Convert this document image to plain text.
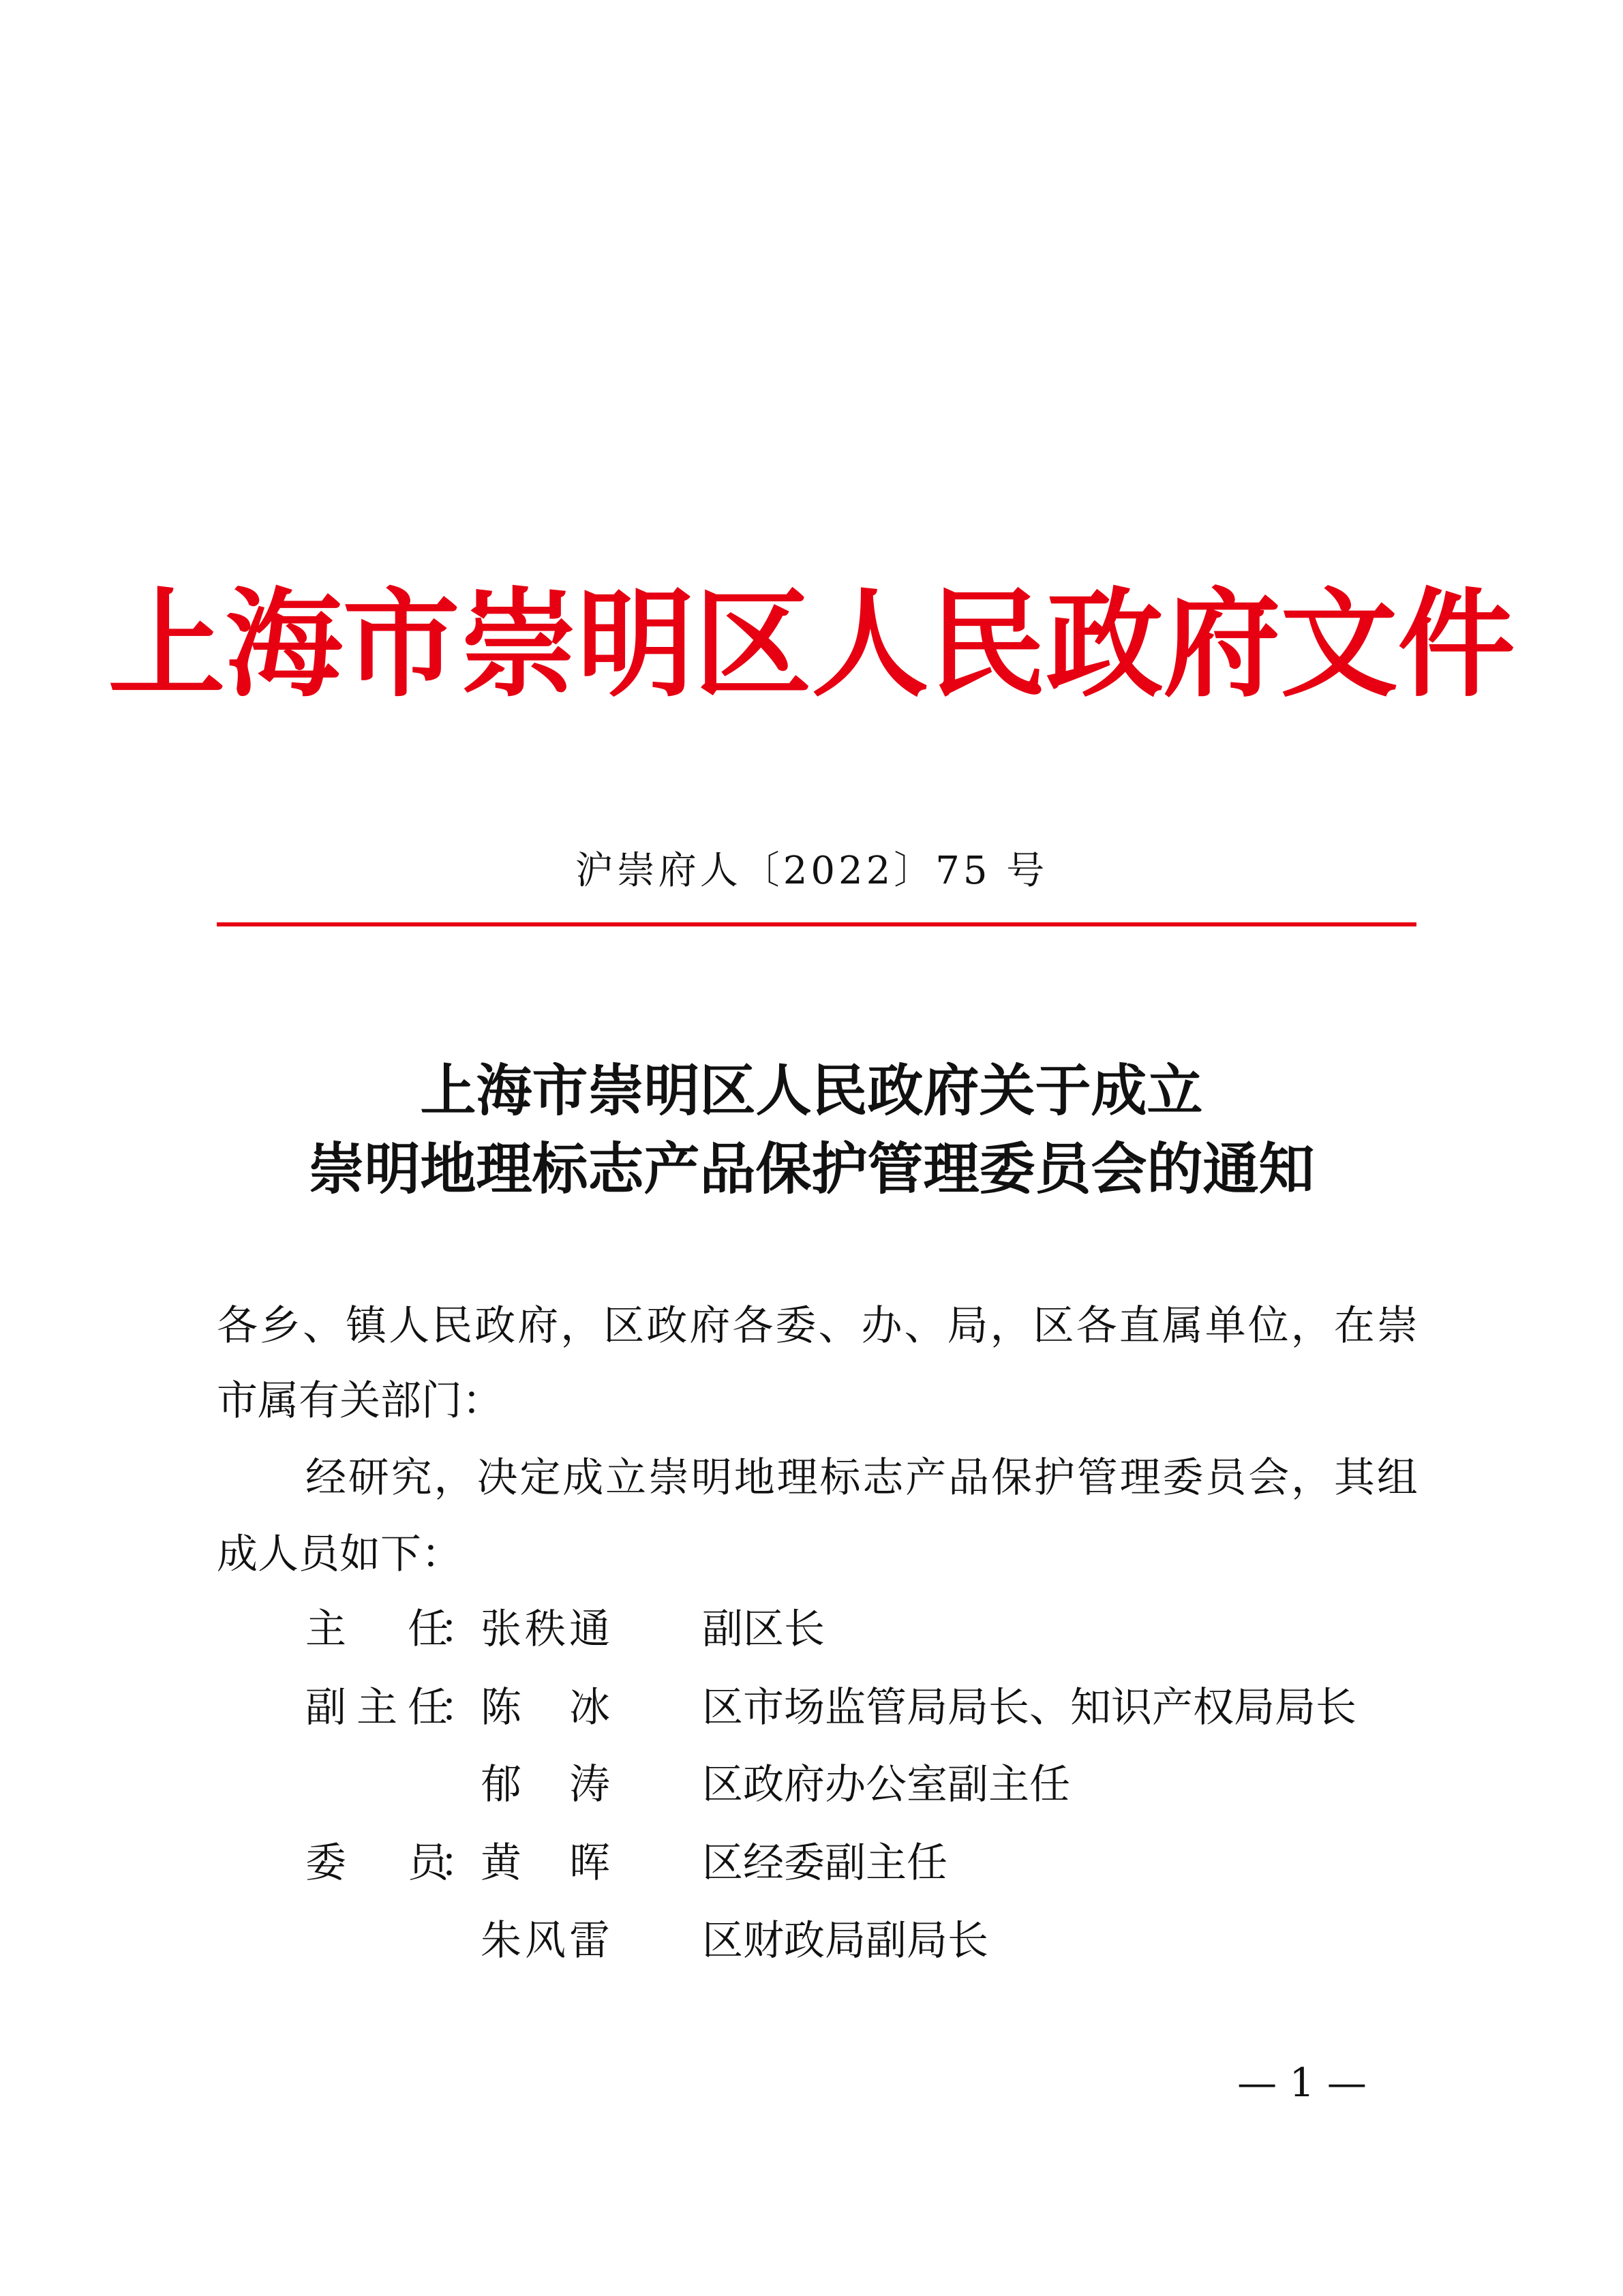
上海市崇明区人民政府文件
沪崇府人〔2022〕75 号
上海市崇明区人民政府关于成立
崇明地理标志产品保护管理委员会的通知
各 乡 、 镇 人 民 政 府 ， 区 政 府 各 委 、 办 、 局 ， 区 各 直 属 单 位 ， 在 崇
市属有关部门：
经 研 究 ， 决 定 成 立 崇 明 地 理 标 志 产 品 保 护 管 理 委 员 会 ， 其 组
成人员如下：
主 任
： 张 秩 通 副区长
副 主 任
： 陈 冰 区市场监管局局长、知识产权局局长
郁 涛 区政府办公室副主任
委 员
： 黄 晖 区经委副主任
朱 风 雷 区财政局副局长
— 1 —
